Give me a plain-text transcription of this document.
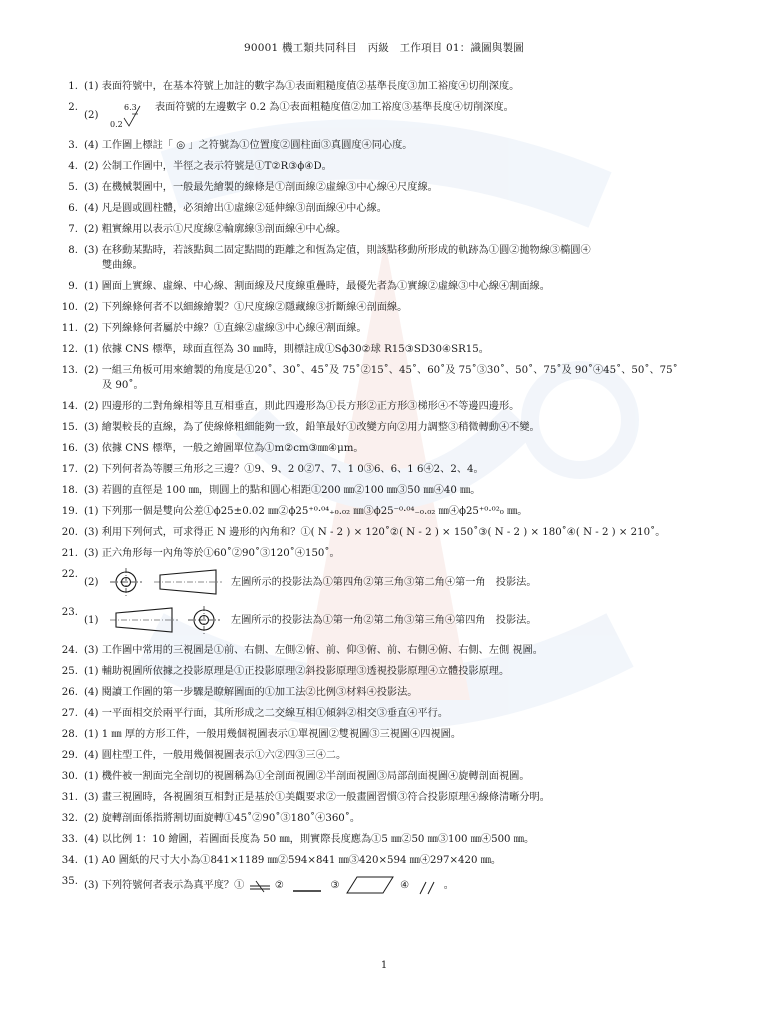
90001 機工類共同科目　丙級　工作項目 01：識圖與製圖
1. (1) 表面符號中，在基本符號上加註的數字為①表面粗糙度值②基準長度③加工裕度④切削深度。
2.
(2)
6.3
0.2
表面符號的左邊數字 0.2 為①表面粗糙度值②加工裕度③基準長度④切削深度。
3. (4) 工作圖上標註「 ◎ 」之符號為①位置度②圓柱面③真圓度④同心度。
4. (2) 公制工作圖中，半徑之表示符號是①T②R③ϕ④D。
5. (3) 在機械製圖中，一般最先繪製的線條是①剖面線②虛線③中心線④尺度線。
6. (4) 凡是圓或圓柱體，必須繪出①虛線②延伸線③剖面線④中心線。
7. (2) 粗實線用以表示①尺度線②輪廓線③剖面線④中心線。
8. (3) 在移動某點時，若該點與二固定點間的距離之和恆為定值，則該點移動所形成的軌跡為①圓②拋物線③橢圓④
雙曲線。
9. (1) 圖面上實線、虛線、中心線、割面線及尺度線重疊時，最優先者為①實線②虛線③中心線④割面線。
10. (2) 下列線條何者不以細線繪製？①尺度線②隱藏線③折斷線④剖面線。
11. (2) 下列線條何者屬於中線？①直線②虛線③中心線④割面線。
12. (1) 依據 CNS 標準，球面直徑為 30 ㎜時，則標註成①Sϕ30②球 R15③SD30④SR15。
13. (2) 一組三角板可用來繪製的角度是①20˚、30˚、45˚及 75˚②15˚、45˚、60˚及 75˚③30˚、50˚、75˚及 90˚④45˚、50˚、75˚
及 90˚。
14. (2) 四邊形的二對角線相等且互相垂直，則此四邊形為①長方形②正方形③梯形④不等邊四邊形。
15. (3) 繪製較長的直線，為了使線條粗細能夠一致，鉛筆最好①改變方向②用力調整③稍微轉動④不變。
16. (3) 依據 CNS 標準，一般之繪圖單位為①m②cm③㎜④μm。
17. (2) 下列何者為等腰三角形之三邊？①9、9、2 0②7、7、1 0③6、6、1 6④2、2、4。
18. (3) 若圓的直徑是 100 ㎜，則圓上的點和圓心相距①200 ㎜②100 ㎜③50 ㎜④40 ㎜。
19. (1) 下列那一個是雙向公差①ϕ25±0.02 ㎜②ϕ25⁺⁰·⁰⁴₊₀.₀₂ ㎜③ϕ25⁻⁰·⁰⁴₋₀.₀₂ ㎜④ϕ25⁺⁰·⁰²₀ ㎜。
20. (3) 利用下列何式，可求得正 N 邊形的內角和？①( N - 2 ) × 120˚②( N - 2 ) × 150˚③( N - 2 ) × 180˚④( N - 2 ) × 210˚。
21. (3) 正六角形每一內角等於①60˚②90˚③120˚④150˚。
22.
(2)	左圖所示的投影法為①第四角②第三角③第二角④第一角　投影法。
23.
(1)	左圖所示的投影法為①第一角②第二角③第三角④第四角　投影法。
24. (3) 工作圖中常用的三視圖是①前、右側、左側②俯、前、仰③俯、前、右側④俯、右側、左側 視圖。
25. (1) 輔助視圖所依據之投影原理是①正投影原理②斜投影原理③透視投影原理④立體投影原理。
26. (4) 閱讀工作圖的第一步驟是瞭解圖面的①加工法②比例③材料④投影法。
27. (4) 一平面相交於兩平行面，其所形成之二交線互相①傾斜②相交③垂直④平行。
28. (1) 1 ㎜ 厚的方形工件，一般用幾個視圖表示①單視圖②雙視圖③三視圖④四視圖。
29. (4) 圓柱型工件，一般用幾個視圖表示①六②四③三④二。
30. (1) 機件被一割面完全剖切的視圖稱為①全剖面視圖②半剖面視圖③局部剖面視圖④旋轉剖面視圖。
31. (3) 畫三視圖時，各視圖須互相對正是基於①美觀要求②一般畫圖習慣③符合投影原理④線條清晰分明。
32. (2) 旋轉剖面係指將割切面旋轉①45˚②90˚③180˚④360˚。
33. (4) 以比例 1：10 繪圖，若圖面長度為 50 ㎜，則實際長度應為①5 ㎜②50 ㎜③100 ㎜④500 ㎜。
34. (1) A0 圖紙的尺寸大小為①841×1189 ㎜②594×841 ㎜③420×594 ㎜④297×420 ㎜。
35. (3) 下列符號何者表示為真平度？①	②	③	④	。
1
